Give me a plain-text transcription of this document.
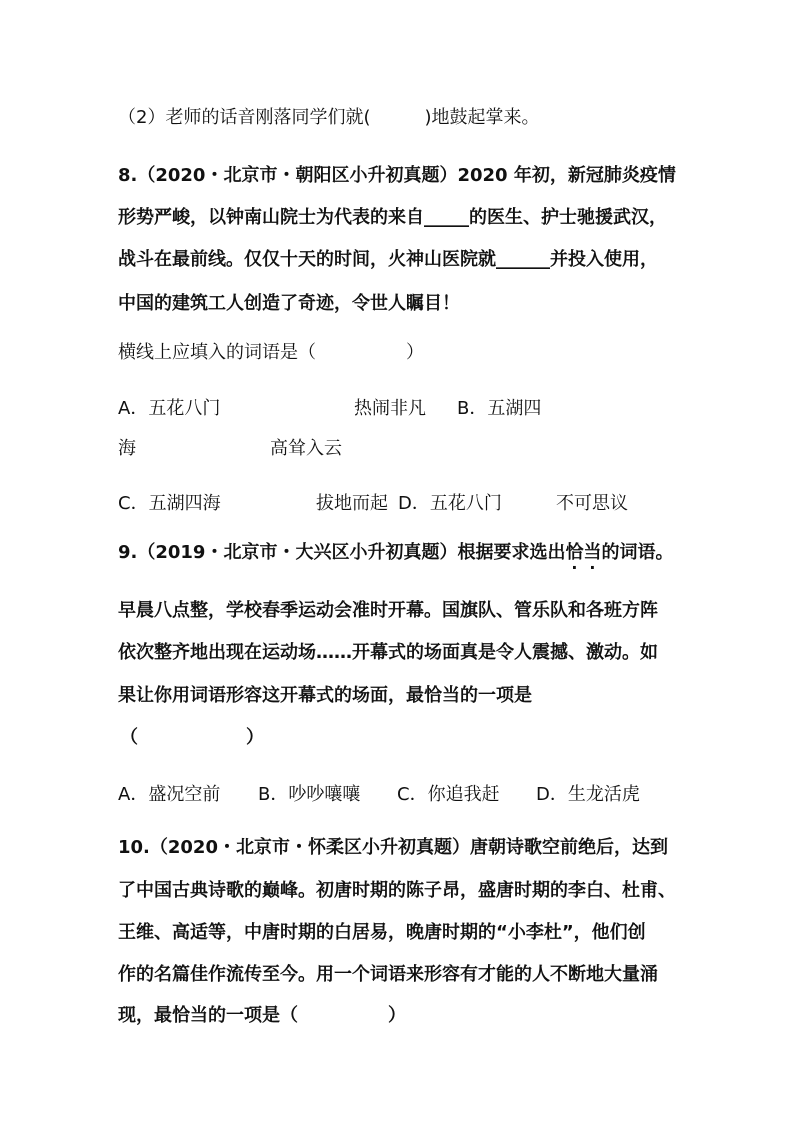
（2）老师的话音刚落同学们就(　　　)地鼓起掌来。
8.（2020・北京市・朝阳区小升初真题）2020 年初，新冠肺炎疫情
形势严峻，以钟南山院士为代表的来自_____的医生、护士驰援武汉，
战斗在最前线。仅仅十天的时间，火神山医院就______并投入使用，
中国的建筑工人创造了奇迹，令世人瞩目！
横线上应填入的词语是（　　　　　）
A．五花八门	热闹非凡 B．五湖四
海	高耸入云
C．五湖四海	拔地而起 D．五花八门	不可思议
9.（2019・北京市・大兴区小升初真题）根据要求选出恰当的词语。
早晨八点整，学校春季运动会准时开幕。国旗队、管乐队和各班方阵
依次整齐地出现在运动场……开幕式的场面真是令人震撼、激动。如
果让你用词语形容这开幕式的场面，最恰当的一项是
（　　　　　　）
A．盛况空前 B．吵吵嚷嚷 C．你追我赶 D．生龙活虎
10.（2020・北京市・怀柔区小升初真题）唐朝诗歌空前绝后，达到
了中国古典诗歌的巅峰。初唐时期的陈子昂，盛唐时期的李白、杜甫、
王维、高适等，中唐时期的白居易，晚唐时期的“小李杜”，他们创
作的名篇佳作流传至今。用一个词语来形容有才能的人不断地大量涌
现，最恰当的一项是（　　　　　）
